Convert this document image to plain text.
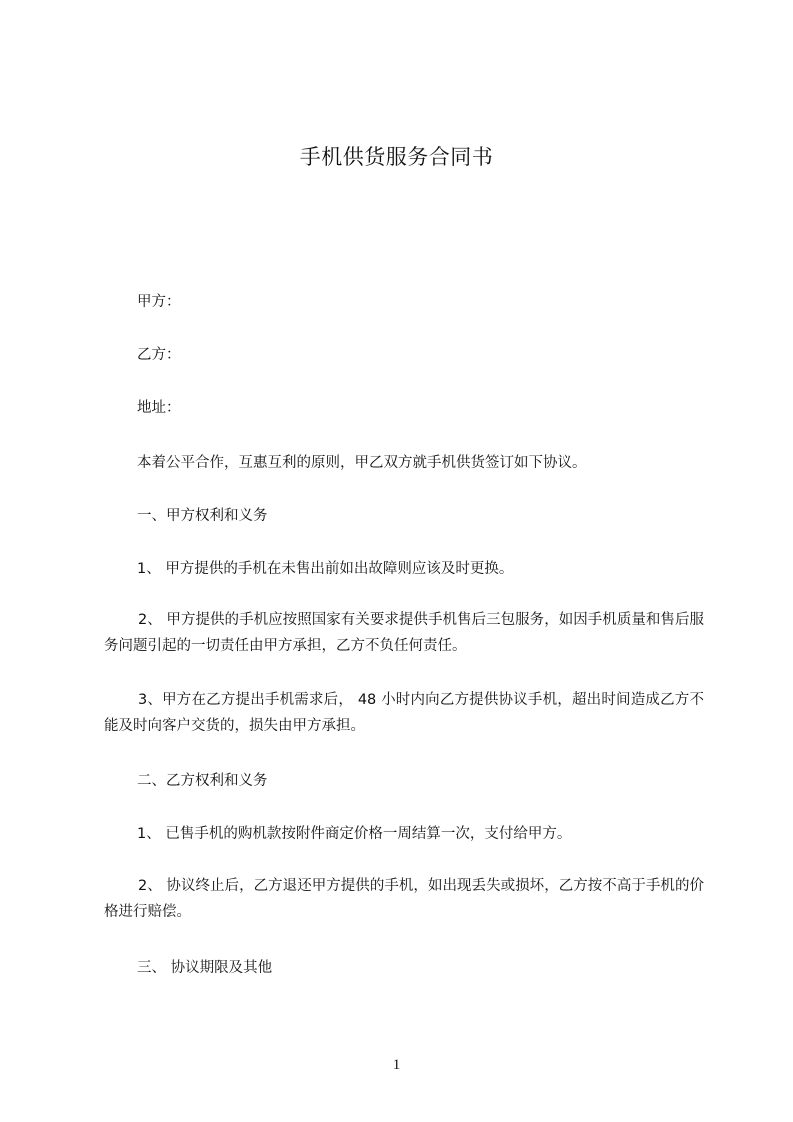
手机供货服务合同书
甲方：
乙方：
地址：
本着公平合作，互惠互利的原则，甲乙双方就手机供货签订如下协议。
一、甲方权利和义务
1、 甲方提供的手机在未售出前如出故障则应该及时更换。
2、 甲方提供的手机应按照国家有关要求提供手机售后三包服务，如因手机质量和售后服务问题引起的一切责任由甲方承担，乙方不负任何责任。
3、甲方在乙方提出手机需求后， 48 小时内向乙方提供协议手机，超出时间造成乙方不能及时向客户交货的，损失由甲方承担。
二、乙方权利和义务
1、 已售手机的购机款按附件商定价格一周结算一次，支付给甲方。
2、 协议终止后，乙方退还甲方提供的手机，如出现丢失或损坏，乙方按不高于手机的价格进行赔偿。
三、 协议期限及其他
1
